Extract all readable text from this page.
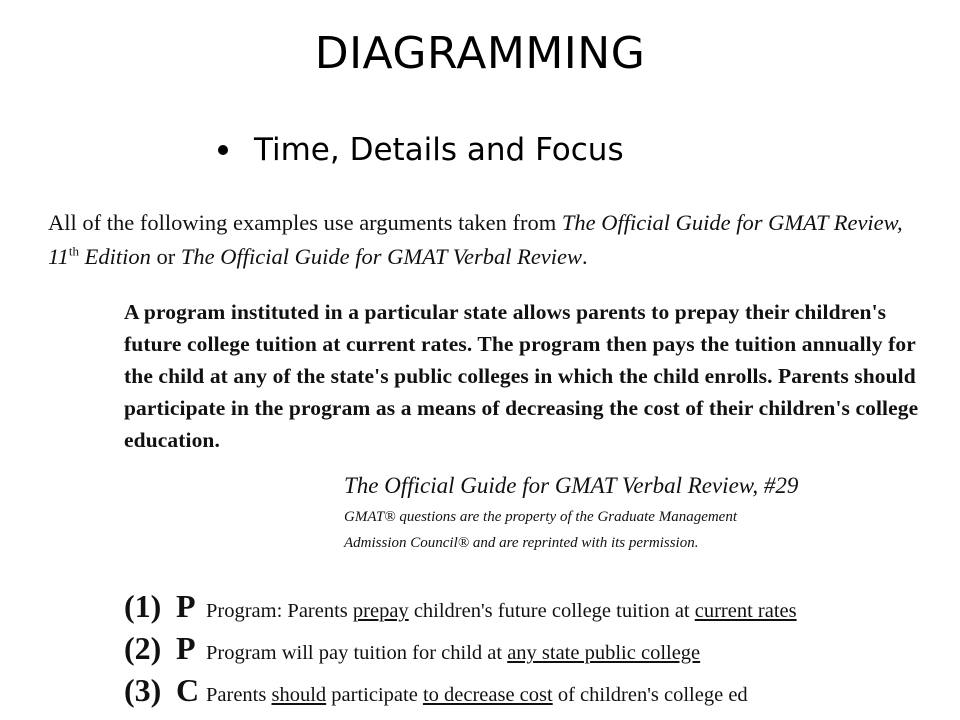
DIAGRAMMING
Time, Details and Focus
All of the following examples use arguments taken from The Official Guide for GMAT Review, 11th Edition or The Official Guide for GMAT Verbal Review.
A program instituted in a particular state allows parents to prepay their children's future college tuition at current rates. The program then pays the tuition annually for the child at any of the state's public colleges in which the child enrolls. Parents should participate in the program as a means of decreasing the cost of their children's college education.
The Official Guide for GMAT Verbal Review, #29
GMAT® questions are the property of the Graduate Management
Admission Council® and are reprinted with its permission.
(1) P Program: Parents prepay children's future college tuition at current rates
(2) P Program will pay tuition for child at any state public college
(3) C Parents should participate to decrease cost of children's college ed
